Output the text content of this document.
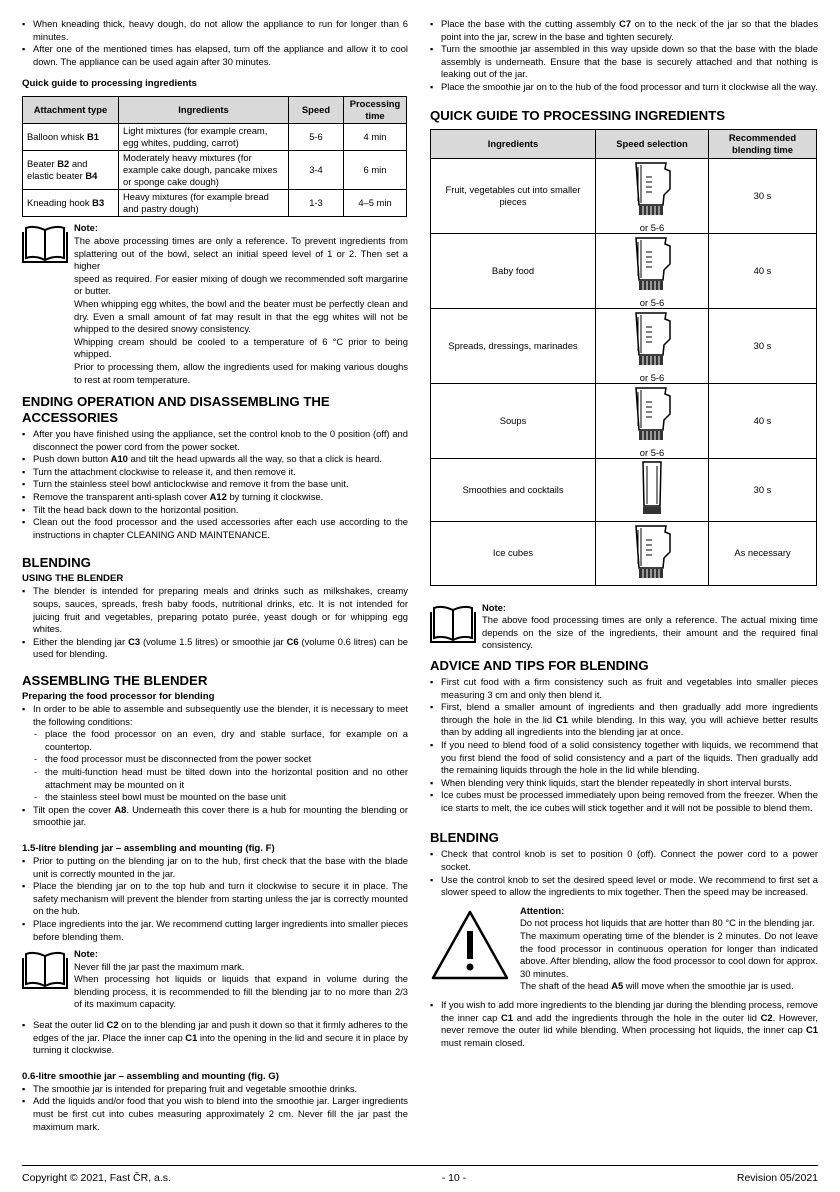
▪ When kneading thick, heavy dough, do not allow the appliance to run for longer than 6 minutes.
▪ After one of the mentioned times has elapsed, turn off the appliance and allow it to cool down. The appliance can be used again after 30 minutes.
Quick guide to processing ingredients
Attachment type	Ingredients	Speed	Processing time
Balloon whisk B1	Light mixtures (for example cream, egg whites, pudding, carrot)	5-6	4 min
Beater B2 and elastic beater B4	Moderately heavy mixtures (for example cake dough, pancake mixes or sponge cake dough)	3-4	6 min
Kneading hook B3	Heavy mixtures (for example bread and pastry dough)	1-3	4–5 min
Note:

The above processing times are only a reference. To prevent ingredients from splattering out of the bowl, select an initial speed level of 1 or 2. Then set a higher

speed as required. For easier mixing of dough we recommended soft margarine or butter.

When whipping egg whites, the bowl and the beater must be perfectly clean and dry. Even a small amount of fat may result in that the egg whites will not be whipped to the desired snowy consistency.

Whipping cream should be cooled to a temperature of 6 °C prior to being whipped.

Prior to processing them, allow the ingredients used for making various doughs to rest at room temperature.

ENDING OPERATION AND DISASSEMBLING THE ACCESSORIES
▪ After you have finished using the appliance, set the control knob to the 0 position (off) and disconnect the power cord from the power socket.
▪ Push down button A10 and tilt the head upwards all the way, so that a click is heard.
▪ Turn the attachment clockwise to release it, and then remove it.
▪ Turn the stainless steel bowl anticlockwise and remove it from the base unit.
▪ Remove the transparent anti-splash cover A12 by turning it clockwise.
▪ Tilt the head back down to the horizontal position.
▪ Clean out the food processor and the used accessories after each use according to the instructions in chapter CLEANING AND MAINTENANCE.
BLENDING
USING THE BLENDER
▪ The blender is intended for preparing meals and drinks such as milkshakes, creamy soups, sauces, spreads, fresh baby foods, nutritional drinks, etc. It is not intended for juicing fruit and vegetables, preparing potato purée, yeast dough or for whipping egg whites.
▪ Either the blending jar C3 (volume 1.5 litres) or smoothie jar C6 (volume 0.6 litres) can be used for blending.
ASSEMBLING THE BLENDER
Preparing the food processor for blending
▪ In order to be able to assemble and subsequently use the blender, it is necessary to meet the following conditions:
- place the food processor on an even, dry and stable surface, for example on a countertop.
- the food processor must be disconnected from the power socket
- the multi-function head must be tilted down into the horizontal position and no other attachment may be mounted on it
- the stainless steel bowl must be mounted on the base unit
▪ Tilt open the cover A8. Underneath this cover there is a hub for mounting the blending or smoothie jar.
1.5-litre blending jar – assembling and mounting (fig. F)
▪ Prior to putting on the blending jar on to the hub, first check that the base with the blade unit is correctly mounted in the jar.
▪ Place the blending jar on to the top hub and turn it clockwise to secure it in place. The safety mechanism will prevent the blender from starting unless the jar is correctly mounted on the hub.
▪ Place ingredients into the jar. We recommend cutting larger ingredients into smaller pieces before blending them.
Note:

Never fill the jar past the maximum mark.

When processing hot liquids or liquids that expand in volume during the blending process, it is recommended to fill the blending jar to no more than 2/3 of its maximum capacity.

▪ Seat the outer lid C2 on to the blending jar and push it down so that it firmly adheres to the edges of the jar. Place the inner cap C1 into the opening in the lid and secure it in place by turning it clockwise.
0.6-litre smoothie jar – assembling and mounting (fig. G)
▪ The smoothie jar is intended for preparing fruit and vegetable smoothie drinks.
▪ Add the liquids and/or food that you wish to blend into the smoothie jar. Larger ingredients must be first cut into cubes measuring approximately 2 cm. Never fill the jar past the maximum mark.
▪ Place the base with the cutting assembly C7 on to the neck of the jar so that the blades point into the jar, screw in the base and tighten securely.
▪ Turn the smoothie jar assembled in this way upside down so that the base with the blade assembly is underneath. Ensure that the base is securely attached and that nothing is leaking out of the jar.
▪ Place the smoothie jar on to the hub of the food processor and turn it clockwise all the way.
QUICK GUIDE TO PROCESSING INGREDIENTS
Ingredients	Speed selection	Recommended blending time
Fruit, vegetables cut into smaller pieces	or 5-6	30 s
Baby food	or 5-6	40 s
Spreads, dressings, marinades	or 5-6	30 s
Soups	or 5-6	40 s
Smoothies and cocktails		30 s
Ice cubes		As necessary
Note:

The above food processing times are only a reference. The actual mixing time depends on the size of the ingredients, their amount and the required final consistency.

ADVICE AND TIPS FOR BLENDING
▪ First cut food with a firm consistency such as fruit and vegetables into smaller pieces measuring 3 cm and only then blend it.
▪ First, blend a smaller amount of ingredients and then gradually add more ingredients through the hole in the lid C1 while blending. In this way, you will achieve better results than by adding all ingredients into the blending jar at once.
▪ If you need to blend food of a solid consistency together with liquids, we recommend that you first blend the food of solid consistency and a part of the liquids. Then gradually add the remaining liquids through the hole in the lid while blending.
▪ When blending very think liquids, start the blender repeatedly in short interval bursts.
▪ Ice cubes must be processed immediately upon being removed from the freezer. When the ice starts to melt, the ice cubes will stick together and it will not be possible to blend them.
BLENDING
▪ Check that control knob is set to position 0 (off). Connect the power cord to a power socket.
▪ Use the control knob to set the desired speed level or mode. We recommend to first set a slower speed to allow the ingredients to mix together. Then the speed may be increased.
Attention:

Do not process hot liquids that are hotter than 80 °C in the blending jar.

The maximum operating time of the blender is 2 minutes. Do not leave the food processor in continuous operation for longer than indicated above. After blending, allow the food processor to cool down for approx. 30 minutes.

The shaft of the head A5 will move when the smoothie jar is used.

▪ If you wish to add more ingredients to the blending jar during the blending process, remove the inner cap C1 and add the ingredients through the hole in the outer lid C2. However, never remove the outer lid while blending. When processing hot liquids, the inner cap C1 must remain closed.
Copyright © 2021, Fast ČR, a.s.	- 10 -	Revision 05/2021
